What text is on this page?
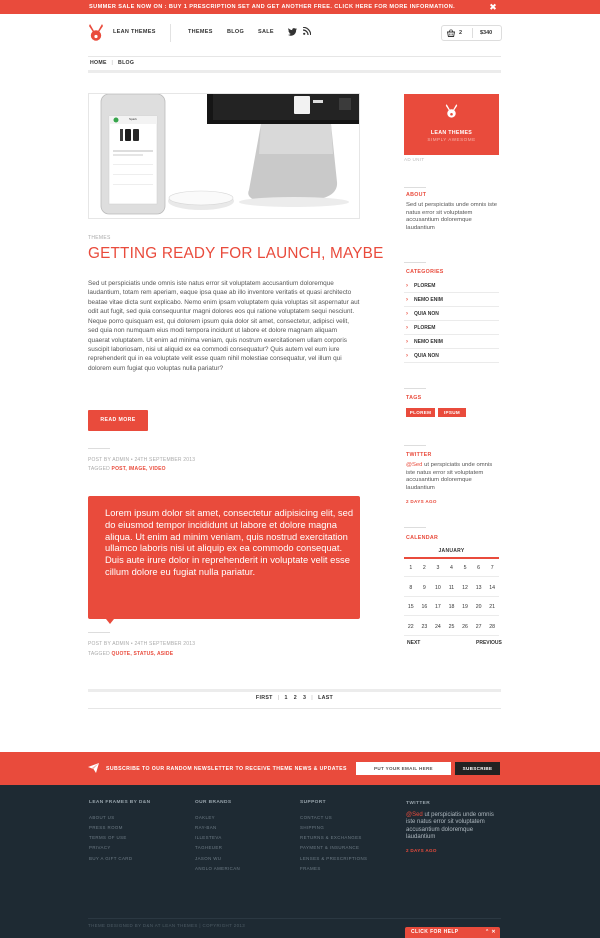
SUMMER SALE NOW ON : BUY 1 PRESCRIPTION SET AND GET ANOTHER FREE. CLICK HERE FOR MORE INFORMATION.	✖
LEAN THEMES	THEMES	BLOG	SALE	2	$340
HOME | BLOG
Spark
THEMES
GETTING READY FOR LAUNCH, MAYBE

Sed ut perspiciatis unde omnis iste natus error sit voluptatem accusantium doloremque laudantium, totam rem aperiam, eaque ipsa quae ab illo inventore veritatis et quasi architecto beatae vitae dicta sunt explicabo. Nemo enim ipsam voluptatem quia voluptas sit aspernatur aut odit aut fugit, sed quia consequuntur magni dolores eos qui ratione voluptatem sequi nesciunt. Neque porro quisquam est, qui dolorem ipsum quia dolor sit amet, consectetur, adipisci velit, sed quia non numquam eius modi tempora incidunt ut labore et dolore magnam aliquam quaerat voluptatem. Ut enim ad minima veniam, quis nostrum exercitationem ullam corporis suscipit laboriosam, nisi ut aliquid ex ea commodi consequatur? Quis autem vel eum iure reprehenderit qui in ea voluptate velit esse quam nihil molestiae consequatur, vel illum qui dolorem eum fugiat quo voluptas nulla pariatur?

READ MORE
POST BY ADMIN • 24TH SEPTEMBER 2013
TAGGED POST, IMAGE, VIDEO

Lorem ipsum dolor sit amet, consectetur adipisicing elit, sed do eiusmod tempor incididunt ut labore et dolore magna aliqua. Ut enim ad minim veniam, quis nostrud exercitation ullamco laboris nisi ut aliquip ex ea commodo consequat. Duis aute irure dolor in reprehenderit in voluptate velit esse cillum dolore eu fugiat nulla pariatur.

POST BY ADMIN • 24TH SEPTEMBER 2013
TAGGED QUOTE, STATUS, ASIDE
FIRST | 1 2 3 | LAST
LEAN THEMES
SIMPLY AWESOME
AD UNIT
ABOUT
Sed ut perspiciatis unde omnis iste natus error sit voluptatem accusantium doloremque laudantium
CATEGORIES
› PLOREM
› NEMO ENIM
› QUIA NON
› PLOREM
› NEMO ENIM
› QUIA NON
TAGS
PLOREM	IPSUM
TWITTER
@Sed ut perspiciatis unde omnis iste natus error sit voluptatem accusantium doloremque laudantium
2 DAYS AGO
CALENDAR
JANUARY
1	2	3	4	5	6	7
8	9	10	11	12	13	14
15	16	17	18	19	20	21
22	23	24	25	26	27	28
NEXT	PREVIOUS
SUBSCRIBE TO OUR RANDOM NEWSLETTER TO RECEIVE THEME NEWS & UPDATES
PUT YOUR EMAIL HERE	SUBSCRIBE
LEAN FRAMES BY D&N
ABOUT US
PRESS ROOM
TERMS OF USE
PRIVACY
BUY A GIFT CARD
OUR BRANDS
OAKLEY
RAY-BAN
ILLESTEVA
TAGHEUER
JASON WU
ANGLO AMERICAN
SUPPORT
CONTACT US
SHIPPING
RETURNS & EXCHANGES
PAYMENT & INSURANCE
LENSES & PRESCRIPTIONS
FRAMES
TWITTER
@Sed ut perspiciatis unde omnis iste natus error sit voluptatem accusantium doloremque laudantium
2 DAYS AGO
THEME DESIGNED BY D&N AT LEAN THEMES | COPYRIGHT 2013
CLICK FOR HELP	⌃ ✕
